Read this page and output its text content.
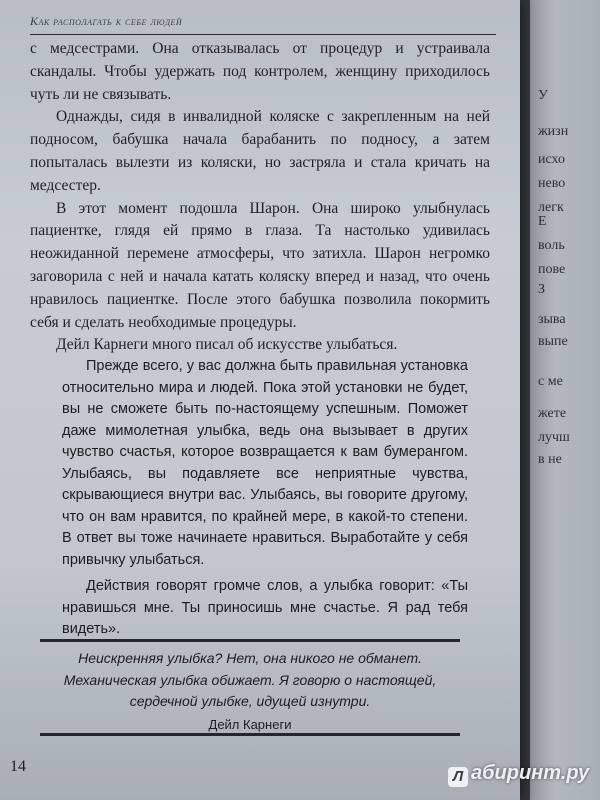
У
жизн
исхо
нево
легк
Е
воль
пове
З
зыва
выпе
с ме
жете
лучш
в не
Как располагать к себе людей

с медсестрами. Она отказывалась от процедур и устраивала скандалы. Чтобы удержать под контролем, женщину приходилось чуть ли не связывать.

Однажды, сидя в инвалидной коляске с закрепленным на ней подносом, бабушка начала барабанить по подносу, а затем попыталась вылезти из коляски, но застряла и стала кричать на медсестер.

В этот момент подошла Шарон. Она широко улыбнулась пациентке, глядя ей прямо в глаза. Та настолько удивилась неожиданной перемене атмосферы, что затихла. Шарон негромко заговорила с ней и начала катать коляску вперед и назад, что очень нравилось пациентке. После этого бабушка позволила покормить себя и сделать необходимые процедуры.

Дейл Карнеги много писал об искусстве улыбаться.

Прежде всего, у вас должна быть правильная установка относительно мира и людей. Пока этой установки не будет, вы не сможете быть по-настоящему успешным. Поможет даже мимолетная улыбка, ведь она вызывает в других чувство счастья, которое возвращается к вам бумерангом. Улыбаясь, вы подавляете все неприятные чувства, скрывающиеся внутри вас. Улыбаясь, вы говорите другому, что он вам нравится, по крайней мере, в какой-то степени. В ответ вы тоже начинаете нравиться. Выработайте у себя привычку улыбаться.

Действия говорят громче слов, а улыбка говорит: «Ты нравишься мне. Ты приносишь мне счастье. Я рад тебя видеть».

Неискренняя улыбка? Нет, она никого не обманет.
Механическая улыбка обижает. Я говорю о настоящей,
сердечной улыбке, идущей изнутри.
Дейл Карнеги
14
Л абиринт.ру
